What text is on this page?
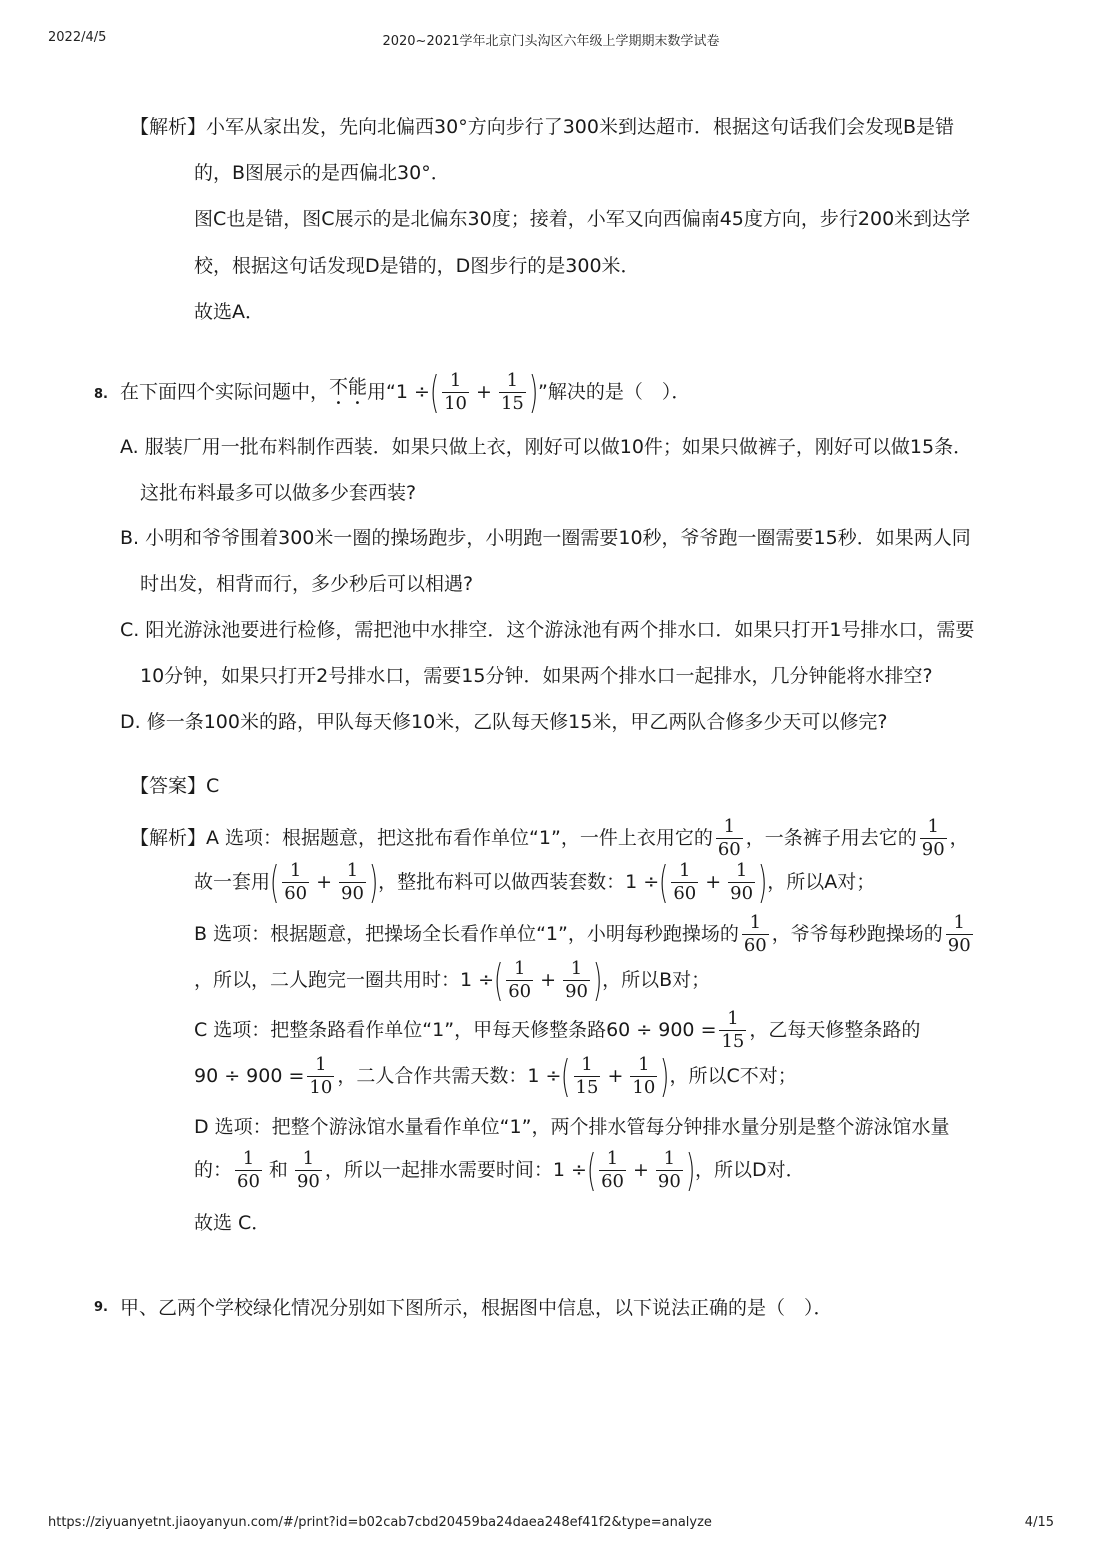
2022/4/5	2020~2021学年北京门头沟区六年级上学期期末数学试卷
【解析】小军从家出发，先向北偏西30°方向步行了300米到达超市．根据这句话我们会发现B是错
的，B图展示的是西偏北30°．
图C也是错，图C展示的是北偏东30度；接着，小军又向西偏南45度方向，步行200米到达学
校，根据这句话发现D是错的，D图步行的是300米．
故选A．
8. 在下面四个实际问题中， 不能 用“1 ÷ ( $\frac{1}{10} + \frac{1}{15}$ ) ”解决的是（　）．
A. 服装厂用一批布料制作西装．如果只做上衣，刚好可以做10件；如果只做裤子，刚好可以做15条．
这批布料最多可以做多少套西装?
B. 小明和爷爷围着300米一圈的操场跑步，小明跑一圈需要10秒，爷爷跑一圈需要15秒．如果两人同
时出发，相背而行，多少秒后可以相遇?
C. 阳光游泳池要进行检修，需把池中水排空．这个游泳池有两个排水口．如果只打开1号排水口，需要
10分钟，如果只打开2号排水口，需要15分钟．如果两个排水口一起排水，几分钟能将水排空?
D. 修一条100米的路，甲队每天修10米，乙队每天修15米，甲乙两队合修多少天可以修完?
【答案】C
【解析】 A 选项：根据题意，把这批布看作单位“1”，一件上衣用它的 $\frac{1}{60}$ ，一条裤子用去它的 $\frac{1}{90}$ ，
故一套用 ( $\frac{1}{60} + \frac{1}{90}$ ) ，整批布料可以做西装套数：1 ÷ ( $\frac{1}{60} + \frac{1}{90}$ ) ，所以A对；
B 选项：根据题意，把操场全长看作单位“1”，小明每秒跑操场的 $\frac{1}{60}$ ，爷爷每秒跑操场的 $\frac{1}{90}$
，所以，二人跑完一圈共用时：1 ÷ ( $\frac{1}{60} + \frac{1}{90}$ ) ，所以B对；
C 选项：把整条路看作单位“1”，甲每天修整条路$60 \div 900 = \frac{1}{15}$ ，乙每天修整条路的
$90 \div 900 = \frac{1}{10}$ ，二人合作共需天数：1 ÷ ( $\frac{1}{15} + \frac{1}{10}$ ) ，所以C不对；
D 选项：把整个游泳馆水量看作单位“1”，两个排水管每分钟排水量分别是整个游泳馆水量
的： $\frac{1}{60}$ 和 $\frac{1}{90}$ ，所以一起排水需要时间：1 ÷ ( $\frac{1}{60} + \frac{1}{90}$ ) ，所以D对．
故选 C．
9. 甲、乙两个学校绿化情况分别如下图所示，根据图中信息，以下说法正确的是（　）．
https://ziyuanyetnt.jiaoyanyun.com/#/print?id=b02cab7cbd20459ba24daea248ef41f2&type=analyze	4/15
